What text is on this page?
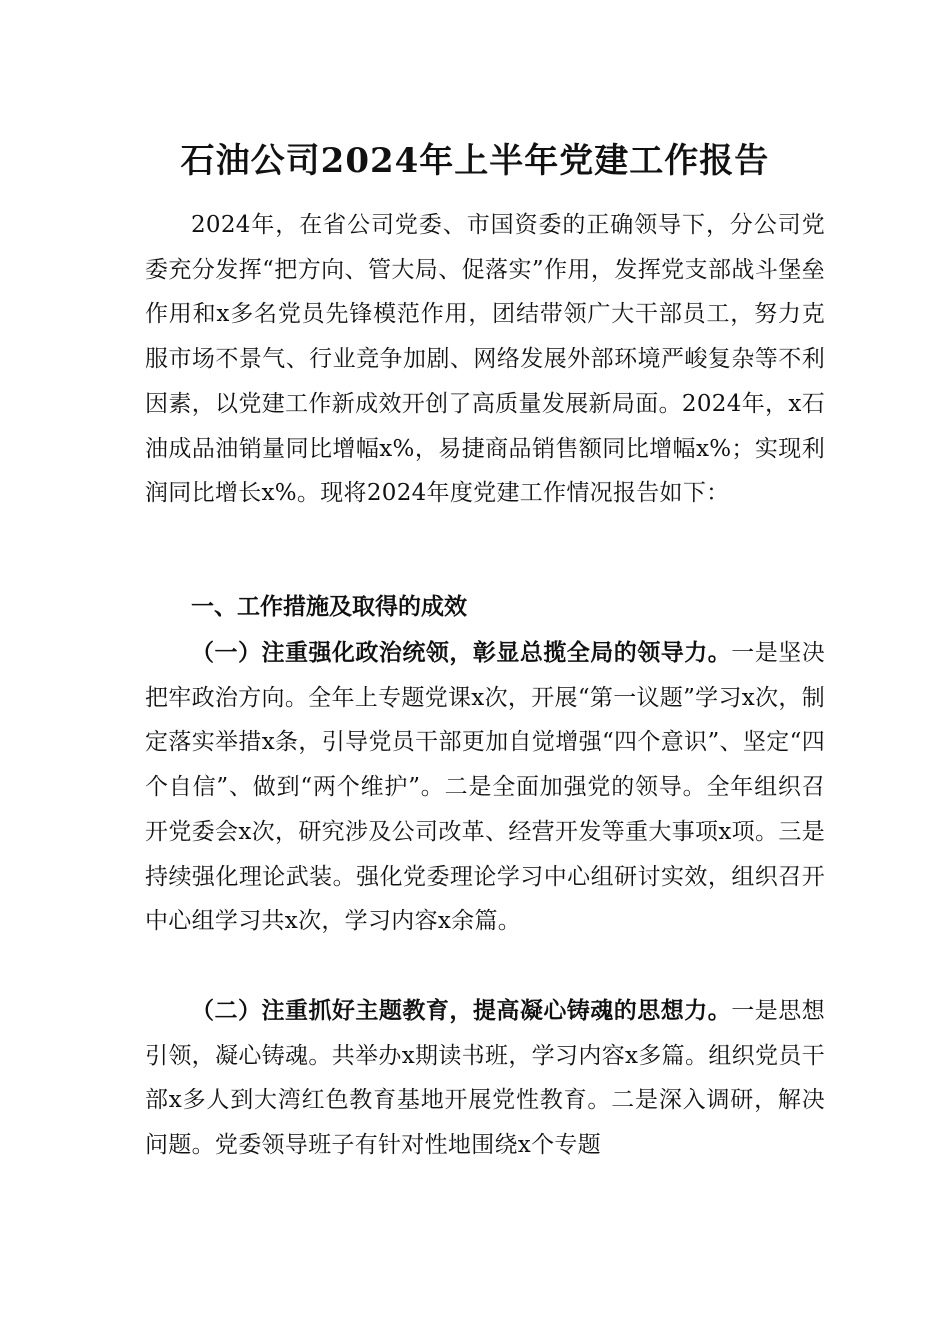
石油公司2024年上半年党建工作报告

2024年，在省公司党委、市国资委的正确领导下，分公司党委充分发挥“把方向、管大局、促落实”作用，发挥党支部战斗堡垒作用和x多名党员先锋模范作用，团结带领广大干部员工，努力克服市场不景气、行业竞争加剧、网络发展外部环境严峻复杂等不利因素，以党建工作新成效开创了高质量发展新局面。2024年，x石油成品油销量同比增幅x%，易捷商品销售额同比增幅x%；实现利润同比增长x%。现将2024年度党建工作情况报告如下：

一、工作措施及取得的成效

（一）注重强化政治统领，彰显总揽全局的领导力。一是坚决把牢政治方向。全年上专题党课x次，开展“第一议题”学习x次，制定落实举措x条，引导党员干部更加自觉增强“四个意识”、坚定“四个自信”、做到“两个维护”。二是全面加强党的领导。全年组织召开党委会x次，研究涉及公司改革、经营开发等重大事项x项。三是持续强化理论武装。强化党委理论学习中心组研讨实效，组织召开中心组学习共x次，学习内容x余篇。

（二）注重抓好主题教育，提高凝心铸魂的思想力。一是思想引领，凝心铸魂。共举办x期读书班，学习内容x多篇。组织党员干部x多人到大湾红色教育基地开展党性教育。二是深入调研，解决问题。党委领导班子有针对性地围绕x个专题
